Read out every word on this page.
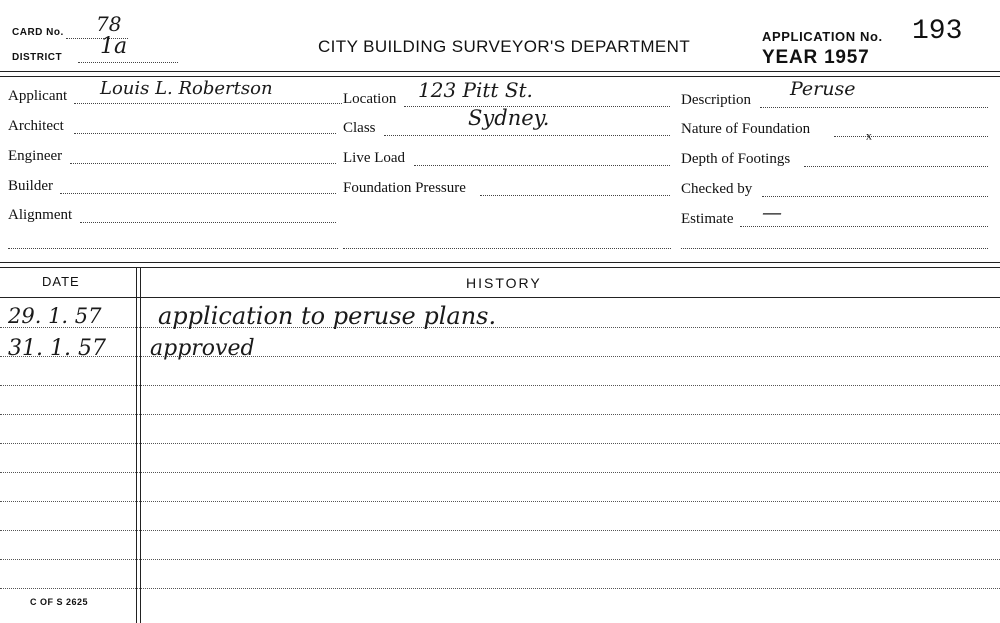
CARD No. 78
DISTRICT 1a	CITY BUILDING SURVEYOR'S DEPARTMENT
APPLICATION No. 193
YEAR 1957
Applicant Louis L. Robertson
Architect
Engineer
Builder
Alignment
Location 123 Pitt St.
Class	Sydney.
Live Load
Foundation Pressure
Description Peruse
Nature of Foundation	ˣ
Depth of Footings
Checked by
Estimate —
DATE	HISTORY
29. 1. 57 application to peruse plans.
31. 1. 57 approved
C OF S 2625
